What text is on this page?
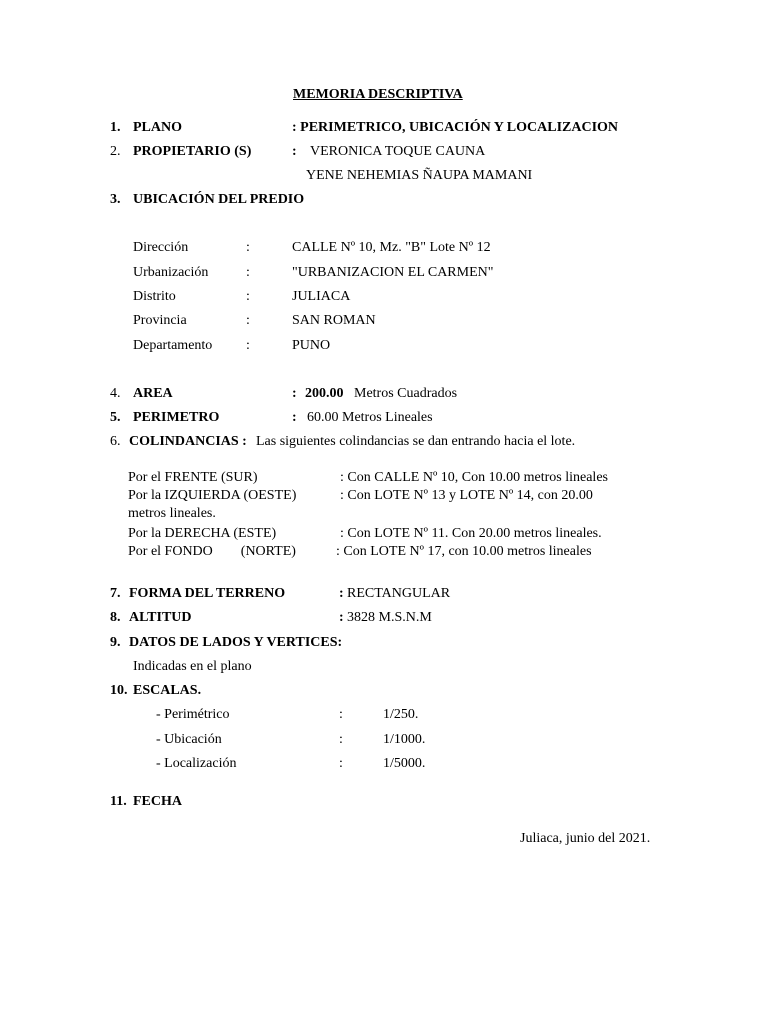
MEMORIA DESCRIPTIVA
1. PLANO	: PERIMETRICO, UBICACIÓN Y LOCALIZACION
2. PROPIETARIO (S)	: VERONICA TOQUE CAUNA
YENE NEHEMIAS ÑAUPA MAMANI
3. UBICACIÓN DEL PREDIO
Dirección	:	CALLE Nº 10, Mz. "B" Lote Nº 12
Urbanización	:	"URBANIZACION EL CARMEN"
Distrito	:	JULIACA
Provincia	:	SAN ROMAN
Departamento :	PUNO
4. AREA	: 200.00 Metros Cuadrados
5. PERIMETRO	: 60.00 Metros Lineales
6. COLINDANCIAS : Las siguientes colindancias se dan entrando hacia el lote.
Por el FRENTE (SUR)	: Con CALLE Nº 10, Con 10.00 metros lineales
Por la IZQUIERDA (OESTE)	: Con LOTE Nº 13 y LOTE Nº 14, con 20.00
metros lineales.
Por la DERECHA (ESTE)	: Con LOTE Nº 11. Con 20.00 metros lineales.
Por el FONDO        (NORTE)	: Con LOTE Nº 17, con 10.00 metros lineales
7. FORMA DEL TERRENO	: RECTANGULAR
8. ALTITUD	: 3828 M.S.N.M
9. DATOS DE LADOS Y VERTICES:
Indicadas en el plano
10. ESCALAS.
- Perimétrico	:	1/250.
- Ubicación	:	1/1000.
- Localización	:	1/5000.
11. FECHA
Juliaca, junio del 2021.
